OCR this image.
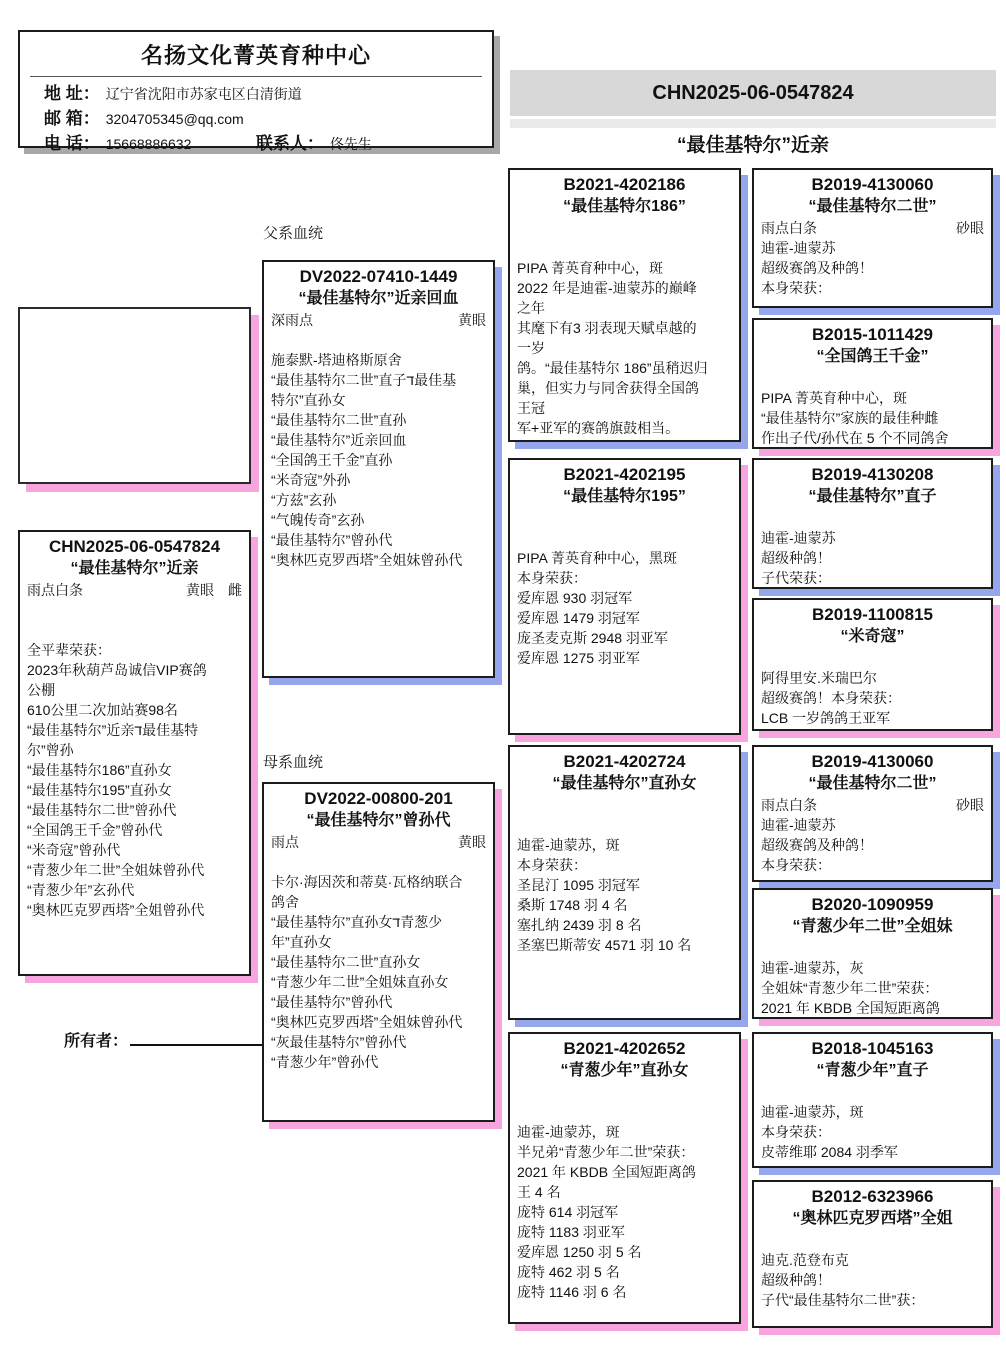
名扬文化菁英育种中心
地 址： 辽宁省沈阳市苏家屯区白清街道
邮 箱： 3204705345@qq.com
电 话： 15668886632	联系人： 佟先生
CHN2025-06-0547824
“最佳基特尔”近亲
父系血统
母系血统
所有者：
CHN2025-06-0547824
“最佳基特尔”近亲
雨点白条	黄眼　雌
全平辈荣获：
2023年秋葫芦岛诚信VIP赛鸽
公棚
610公里二次加站赛98名
“最佳基特尔”近亲ד最佳基特
尔”曾孙
“最佳基特尔186”直孙女
“最佳基特尔195”直孙女
“最佳基特尔二世”曾孙代
“全国鸽王千金”曾孙代
“米奇寇”曾孙代
“青葱少年二世”全姐妹曾孙代
“青葱少年”玄孙代
“奥林匹克罗西塔”全姐曾孙代
DV2022-07410-1449
“最佳基特尔”近亲回血
深雨点	黄眼
施泰默-塔迪格斯原舍
“最佳基特尔二世”直子ד最佳基
特尔”直孙女
“最佳基特尔二世”直孙
“最佳基特尔”近亲回血
“全国鸽王千金”直孙
“米奇寇”外孙
“方兹”玄孙
“气魄传奇”玄孙
“最佳基特尔”曾孙代
“奥林匹克罗西塔”全姐妹曾孙代
DV2022-00800-201
“最佳基特尔”曾孙代
雨点	黄眼
卡尔·海因茨和蒂莫·瓦格纳联合
鸽舍
“最佳基特尔”直孙女ד青葱少
年”直孙女
“最佳基特尔二世”直孙女
“青葱少年二世”全姐妹直孙女
“最佳基特尔”曾孙代
“奥林匹克罗西塔”全姐妹曾孙代
“灰最佳基特尔”曾孙代
“青葱少年”曾孙代
B2021-4202186
“最佳基特尔186”
PIPA 菁英育种中心，斑
2022 年是迪霍-迪蒙苏的巅峰
之年
其麾下有3 羽表现天赋卓越的
一岁
鸽。“最佳基特尔 186”虽稍迟归
巢，但实力与同舍获得全国鸽
王冠
军+亚军的赛鸽旗鼓相当。
B2021-4202195
“最佳基特尔195”
PIPA 菁英育种中心，黑斑
本身荣获：
爱库恩 930 羽冠军
爱库恩 1479 羽冠军
庞圣麦克斯 2948 羽亚军
爱库恩 1275 羽亚军
B2021-4202724
“最佳基特尔”直孙女
迪霍-迪蒙苏，斑
本身荣获：
圣昆汀 1095 羽冠军
桑斯 1748 羽 4 名
塞扎纳 2439 羽 8 名
圣塞巴斯蒂安 4571 羽 10 名
B2021-4202652
“青葱少年”直孙女
迪霍-迪蒙苏，斑
半兄弟“青葱少年二世”荣获：
2021 年 KBDB 全国短距离鸽
王 4 名
庞特 614 羽冠军
庞特 1183 羽亚军
爱库恩 1250 羽 5 名
庞特 462 羽 5 名
庞特 1146 羽 6 名
B2019-4130060
“最佳基特尔二世”
雨点白条	砂眼
迪霍-迪蒙苏
超级赛鸽及种鸽！
本身荣获：
B2015-1011429
“全国鸽王千金”
PIPA 菁英育种中心，斑
“最佳基特尔”家族的最佳种雌
作出子代/孙代在 5 个不同鸽舍
B2019-4130208
“最佳基特尔”直子
迪霍-迪蒙苏
超级种鸽！
子代荣获：
B2019-1100815
“米奇寇”
阿得里安.米瑞巴尔
超级赛鸽！本身荣获：
LCB 一岁鸽鸽王亚军
B2019-4130060
“最佳基特尔二世”
雨点白条	砂眼
迪霍-迪蒙苏
超级赛鸽及种鸽！
本身荣获：
B2020-1090959
“青葱少年二世”全姐妹
迪霍-迪蒙苏，灰
全姐妹“青葱少年二世”荣获：
2021 年 KBDB 全国短距离鸽
B2018-1045163
“青葱少年”直子
迪霍-迪蒙苏，斑
本身荣获：
皮蒂维耶 2084 羽季军
B2012-6323966
“奥林匹克罗西塔”全姐
迪克.范登布克
超级种鸽！
子代“最佳基特尔二世”获：
